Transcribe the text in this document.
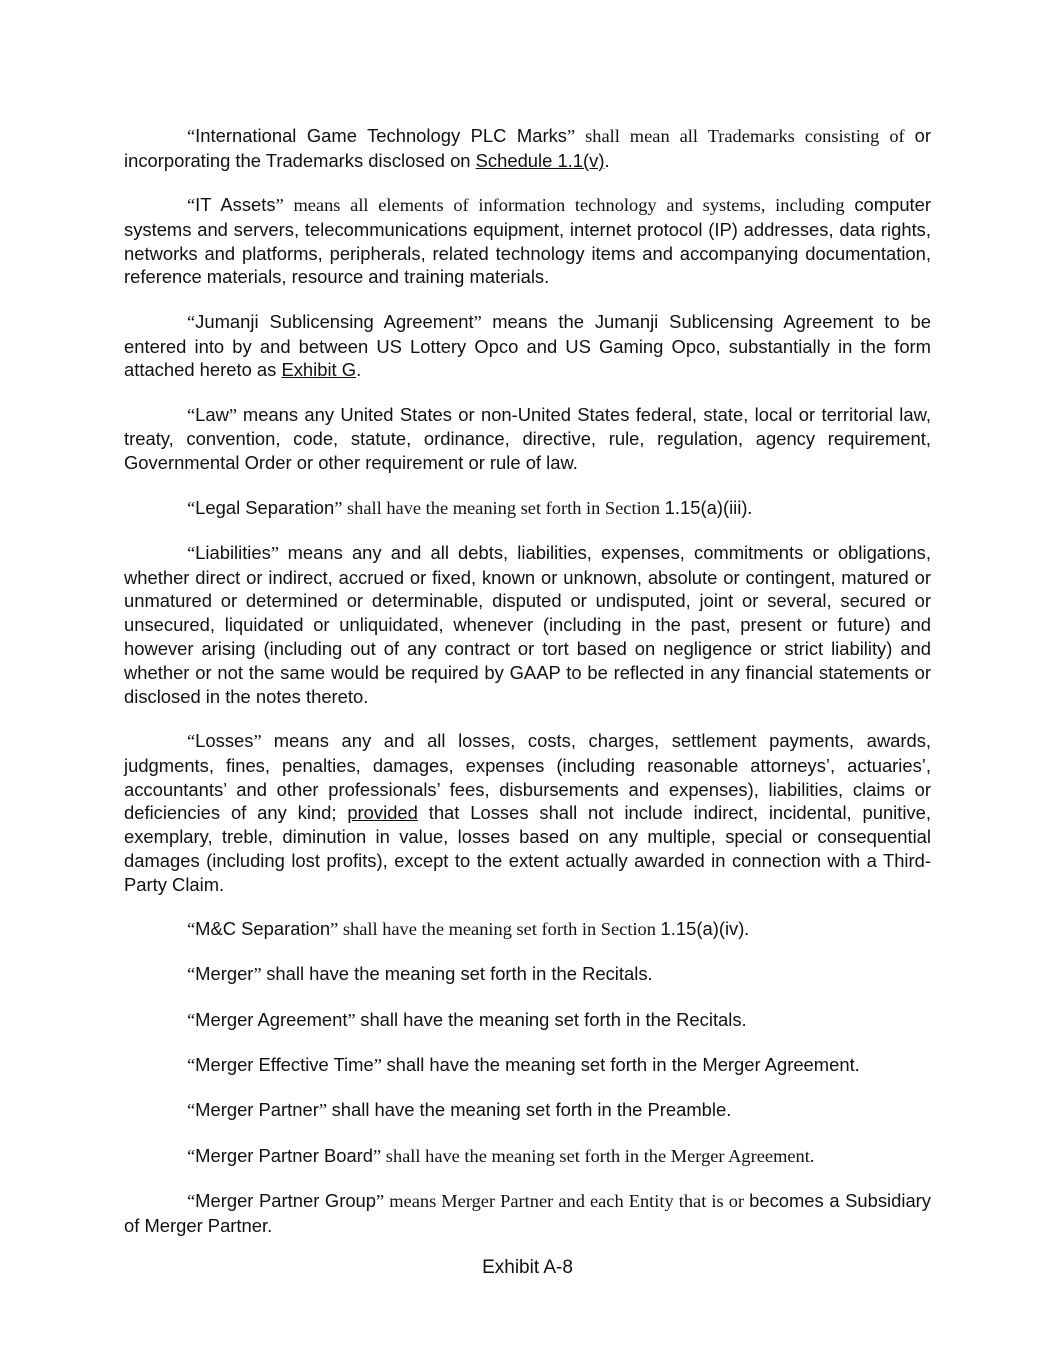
“International Game Technology PLC Marks” shall mean all Trademarks consisting of or incorporating the Trademarks disclosed on Schedule 1.1(v).

“IT Assets” means all elements of information technology and systems, including computer systems and servers, telecommunications equipment, internet protocol (IP) addresses, data rights, networks and platforms, peripherals, related technology items and accompanying documentation, reference materials, resource and training materials.

“Jumanji Sublicensing Agreement” means the Jumanji Sublicensing Agreement to be entered into by and between US Lottery Opco and US Gaming Opco, substantially in the form attached hereto as Exhibit G.

“Law” means any United States or non-United States federal, state, local or territorial law, treaty, convention, code, statute, ordinance, directive, rule, regulation, agency requirement, Governmental Order or other requirement or rule of law.

“Legal Separation” shall have the meaning set forth in Section 1.15(a)(iii).

“Liabilities” means any and all debts, liabilities, expenses, commitments or obligations, whether direct or indirect, accrued or fixed, known or unknown, absolute or contingent, matured or unmatured or determined or determinable, disputed or undisputed, joint or several, secured or unsecured, liquidated or unliquidated, whenever (including in the past, present or future) and however arising (including out of any contract or tort based on negligence or strict liability) and whether or not the same would be required by GAAP to be reflected in any financial statements or disclosed in the notes thereto.

“Losses” means any and all losses, costs, charges, settlement payments, awards, judgments, fines, penalties, damages, expenses (including reasonable attorneys’, actuaries’, accountants’ and other professionals’ fees, disbursements and expenses), liabilities, claims or deficiencies of any kind; provided that Losses shall not include indirect, incidental, punitive, exemplary, treble, diminution in value, losses based on any multiple, special or consequential damages (including lost profits), except to the extent actually awarded in connection with a Third-Party Claim.

“M&C Separation” shall have the meaning set forth in Section 1.15(a)(iv).

“Merger” shall have the meaning set forth in the Recitals.

“Merger Agreement” shall have the meaning set forth in the Recitals.

“Merger Effective Time” shall have the meaning set forth in the Merger Agreement.

“Merger Partner” shall have the meaning set forth in the Preamble.

“Merger Partner Board” shall have the meaning set forth in the Merger Agreement.

“Merger Partner Group” means Merger Partner and each Entity that is or becomes a Subsidiary of Merger Partner.

Exhibit A-8
